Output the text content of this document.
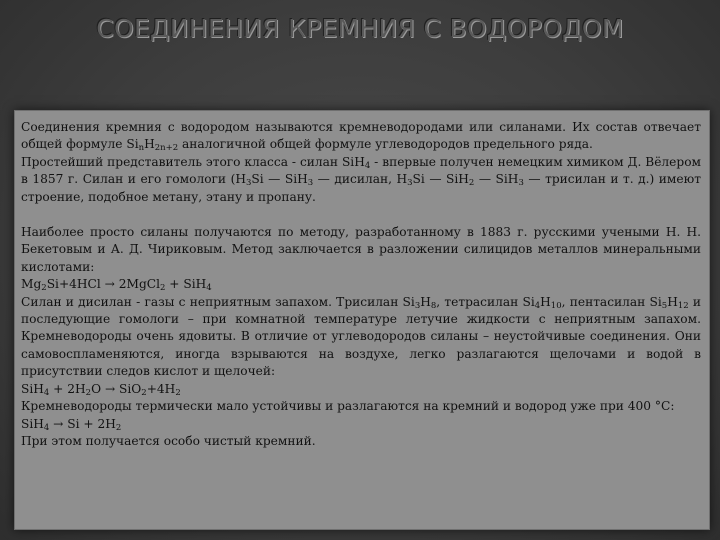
СОЕДИНЕНИЯ КРЕМНИЯ С ВОДОРОДОМ

Соединения кремния с водородом называются кремневодородами или силанами. Их состав отвечает общей формуле $Si_nH_{2n+2}$ аналогичной общей формуле углеводородов предельного ряда.

Простейший представитель этого класса - силан SiH$_4$ - впервые получен немецким химиком Д. Вёлером в 1857 г. Силан и его гомологи ($H_3Si$ — SiH$_3$ — дисилан, $H_3Si$ — SiH$_2$ — SiH$_3$ — трисилан и т. д.) имеют строение, подобное метану, этану и пропану.

Наиболее просто силаны получаются по методу, разработанному в 1883 г. русскими учеными Н. Н. Бекетовым и А. Д. Чириковым. Метод заключается в разложении силицидов металлов минеральными кислотами:

$Mg_2Si+4HCl$ → 2MgCl$_2$ + SiH$_4$

Силан и дисилан - газы с неприятным запахом. Трисилан $Si_3H_8$, тетрасилан $Si_4H_{10}$, пентасилан $Si_5H_{12}$ и последующие гомологи – при комнатной температуре летучие жидкости с неприятным запахом. Кремневодороды очень ядовиты. В отличие от углеводородов силаны – неустойчивые соединения. Они самовоспламеняются, иногда взрываются на воздухе, легко разлагаются щелочами и водой в присутствии следов кислот и щелочей:

$SiH_4 + 2H_2O \to SiO_2+4H_2$

Кремневодороды термически мало устойчивы и разлагаются на кремний и водород уже при 400 °С:

$SiH_4 \to Si + 2H_2$

При этом получается особо чистый кремний.
